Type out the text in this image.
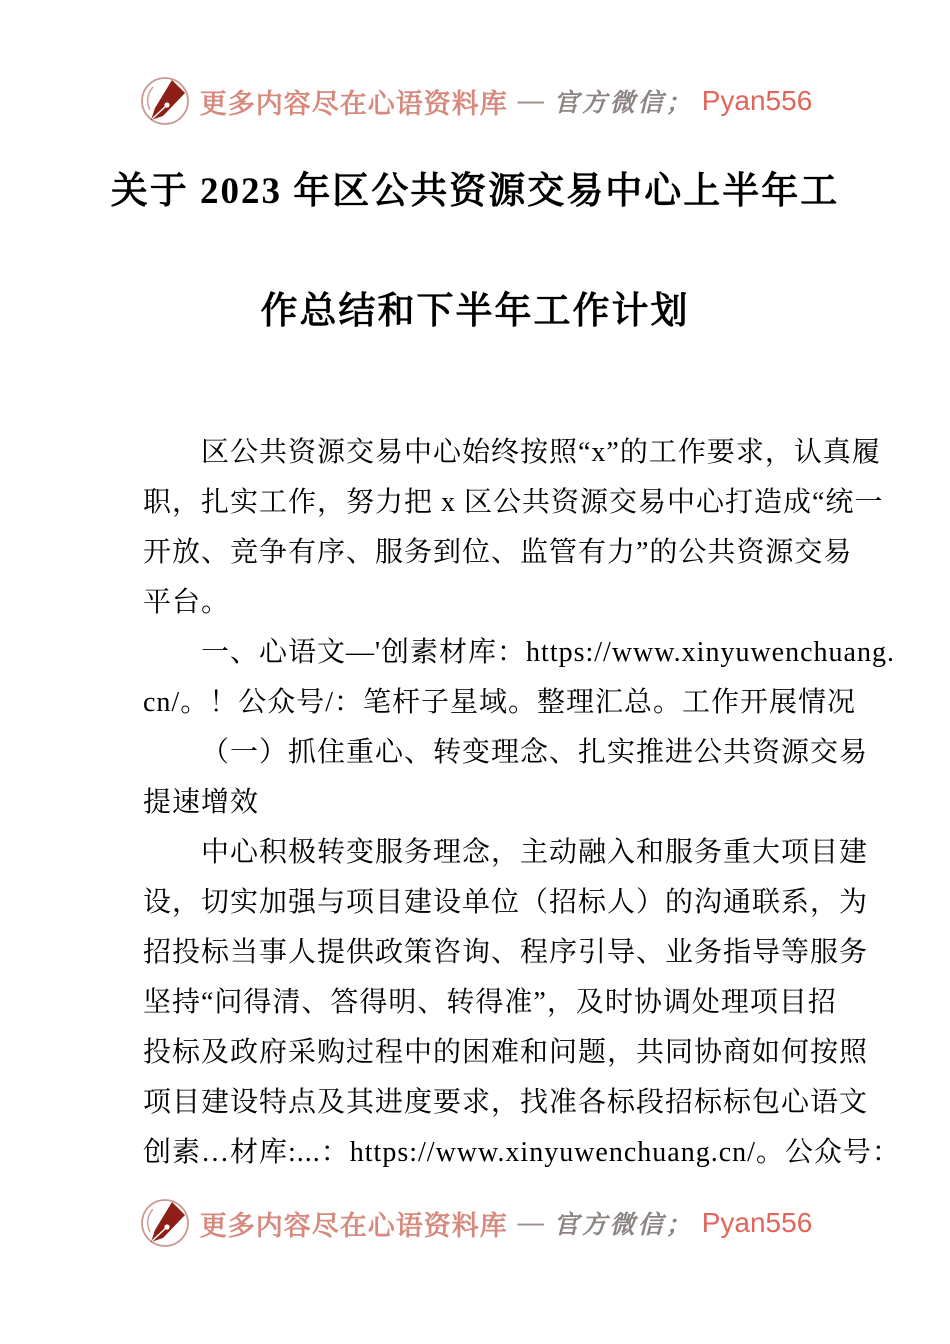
更多内容尽在心语资料库 — 官方微信； Pyan556
关于 2023 年区公共资源交易中心上半年工
作总结和下半年工作计划
区公共资源交易中心始终按照“x”的工作要求，认真履
职，扎实工作，努力把 x 区公共资源交易中心打造成“统一
开放、竞争有序、服务到位、监管有力”的公共资源交易
平台。
一、心语文—'创素材库：https://www.xinyuwenchuang.
cn/。！公众号/：笔杆子星域。整理汇总。工作开展情况
（一）抓住重心、转变理念、扎实推进公共资源交易
提速增效
中心积极转变服务理念，主动融入和服务重大项目建
设，切实加强与项目建设单位（招标人）的沟通联系，为
招投标当事人提供政策咨询、程序引导、业务指导等服务
坚持“问得清、答得明、转得准”，及时协调处理项目招
投标及政府采购过程中的困难和问题，共同协商如何按照
项目建设特点及其进度要求，找准各标段招标标包心语文
创素…材库:...：https://www.xinyuwenchuang.cn/。公众号：
更多内容尽在心语资料库 — 官方微信； Pyan556
